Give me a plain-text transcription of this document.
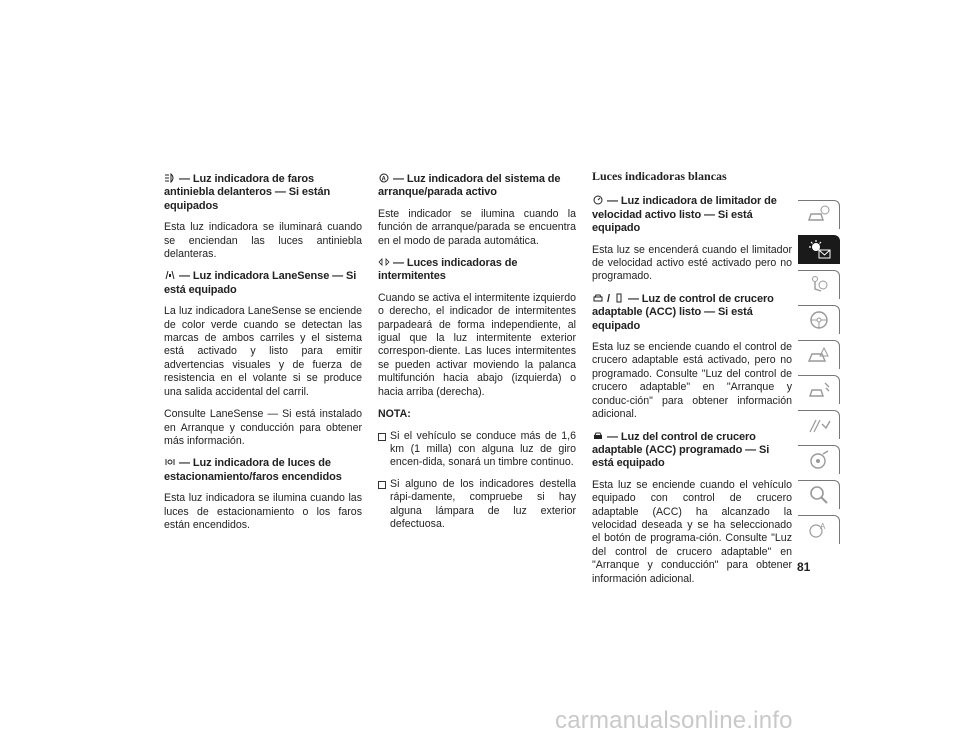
— Luz indicadora de faros antiniebla delanteros — Si están equipados

Esta luz indicadora se iluminará cuando se enciendan las luces antiniebla delanteras.

— Luz indicadora LaneSense — Si está equipado

La luz indicadora LaneSense se enciende de color verde cuando se detectan las marcas de ambos carriles y el sistema está activado y listo para emitir advertencias visuales y de fuerza de resistencia en el volante si se produce una salida accidental del carril.

Consulte LaneSense — Si está instalado en Arranque y conducción para obtener más información.

— Luz indicadora de luces de estacionamiento/faros encendidos

Esta luz indicadora se ilumina cuando las luces de estacionamiento o los faros están encendidos.

A — Luz indicadora del sistema de arranque/parada activo

Este indicador se ilumina cuando la función de arranque/parada se encuentra en el modo de parada automática.

— Luces indicadoras de intermitentes

Cuando se activa el intermitente izquierdo o derecho, el indicador de intermitentes parpadeará de forma independiente, al igual que la luz intermitente exterior correspon-diente. Las luces intermitentes se pueden activar moviendo la palanca multifunción hacia abajo (izquierda) o hacia arriba (derecha).

NOTA:
Si el vehículo se conduce más de 1,6 km (1 milla) con alguna luz de giro encen-dida, sonará un timbre continuo.
Si alguno de los indicadores destella rápi-damente, compruebe si hay alguna lámpara de luz exterior defectuosa.
Luces indicadoras blancas
— Luz indicadora de limitador de velocidad activo listo — Si está equipado

Esta luz se encenderá cuando el limitador de velocidad activo esté activado pero no programado.

/ — Luz de control de crucero adaptable (ACC) listo — Si está equipado

Esta luz se enciende cuando el control de crucero adaptable está activado, pero no programado. Consulte "Luz del control de crucero adaptable" en "Arranque y conduc-ción" para obtener información adicional.

— Luz del control de crucero adaptable (ACC) programado — Si está equipado

Esta luz se enciende cuando el vehículo equipado con control de crucero adaptable (ACC) ha alcanzado la velocidad deseada y se ha seleccionado el botón de programa-ción. Consulte "Luz del control de crucero adaptable" en "Arranque y conducción" para obtener información adicional.

A
81
carmanualsonline.info
